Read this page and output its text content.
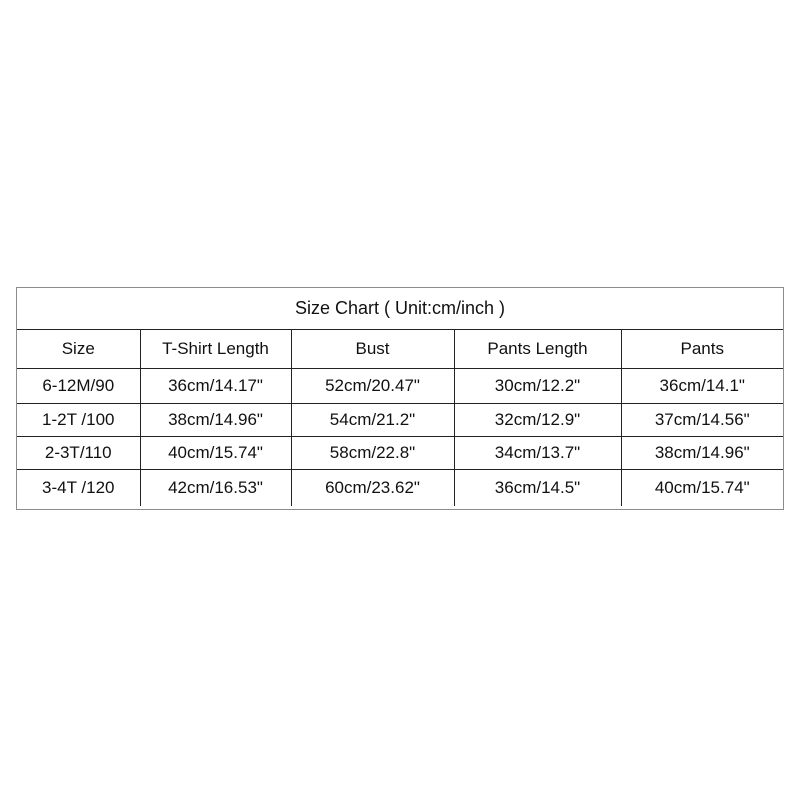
Size Chart ( Unit:cm/inch )
Size	T-Shirt Length	Bust	Pants Length	Pants
6-12M/90	36cm/14.17"	52cm/20.47"	30cm/12.2"	36cm/14.1"
1-2T /100	38cm/14.96"	54cm/21.2"	32cm/12.9"	37cm/14.56"
2-3T/110	40cm/15.74"	58cm/22.8"	34cm/13.7"	38cm/14.96"
3-4T /120	42cm/16.53"	60cm/23.62"	36cm/14.5"	40cm/15.74"
